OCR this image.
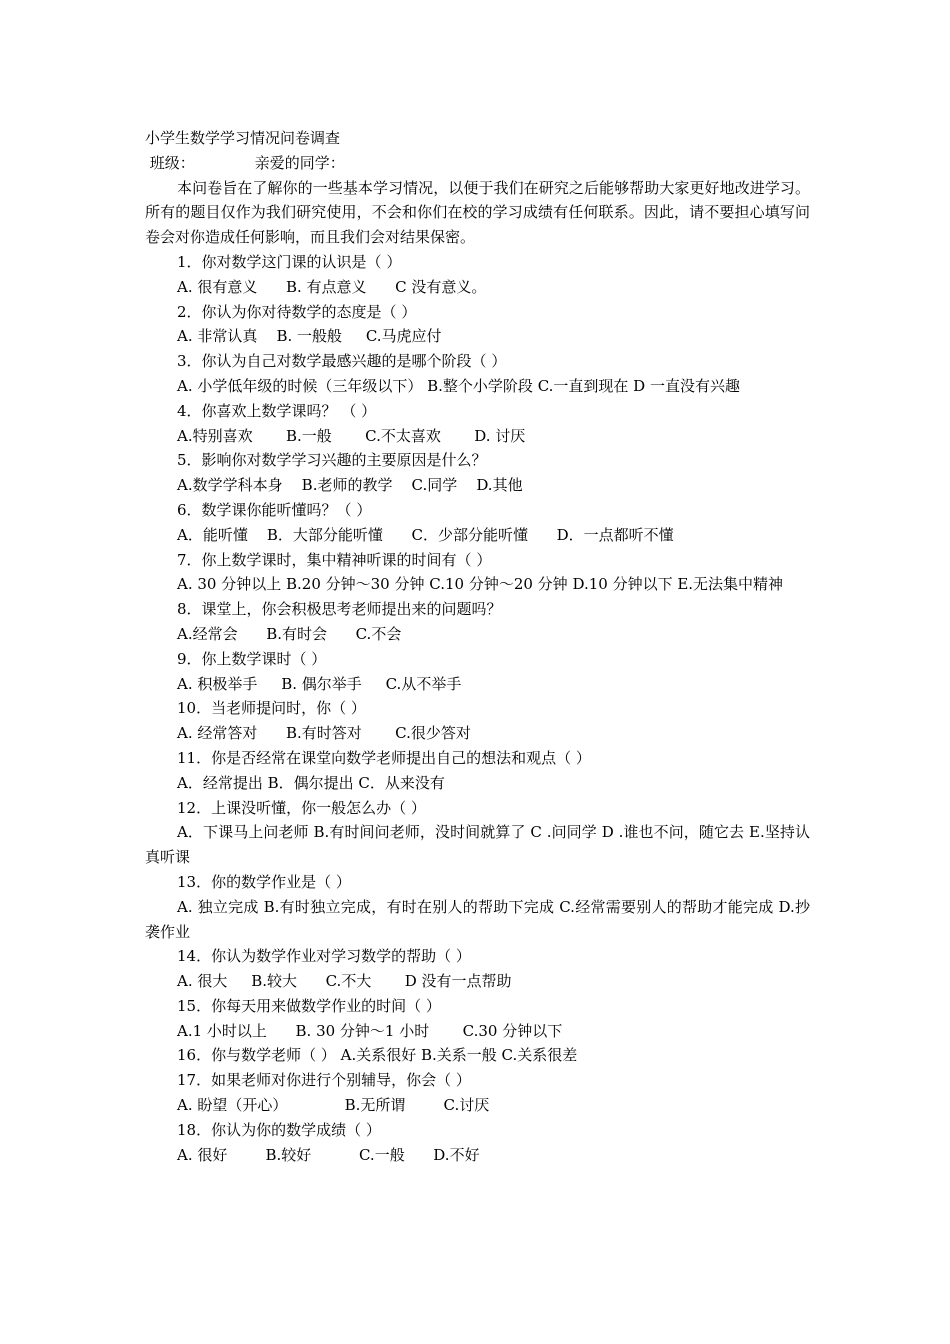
小学生数学学习情况问卷调查
班级：	亲爱的同学：
本问卷旨在了解你的一些基本学习情况，以便于我们在研究之后能够帮助大家更好地改进学习。所有的题目仅作为我们研究使用，不会和你们在校的学习成绩有任何联系。因此，请不要担心填写问卷会对你造成任何影响，而且我们会对结果保密。
1．你对数学这门课的认识是（ ）
A. 很有意义      B. 有点意义      C 没有意义。
2．你认为你对待数学的态度是（ ）
A. 非常认真    B. 一般般     C.马虎应付
3．你认为自己对数学最感兴趣的是哪个阶段（ ）
A. 小学低年级的时候（三年级以下） B.整个小学阶段 C.一直到现在 D 一直没有兴趣
4．你喜欢上数学课吗？ （ ）
A.特别喜欢       B.一般       C.不太喜欢       D. 讨厌
5．影响你对数学学习兴趣的主要原因是什么？
A.数学学科本身    B.老师的教学    C.同学    D.其他
6．数学课你能听懂吗？（ ）
A．能听懂    B．大部分能听懂      C．少部分能听懂      D．一点都听不懂
7．你上数学课时，集中精神听课的时间有（ ）
A. 30 分钟以上 B.20 分钟～30 分钟 C.10 分钟～20 分钟 D.10 分钟以下 E.无法集中精神
8．课堂上，你会积极思考老师提出来的问题吗？
A.经常会      B.有时会      C.不会
9．你上数学课时（ ）
A. 积极举手     B. 偶尔举手     C.从不举手
10．当老师提问时，你（ ）
A. 经常答对      B.有时答对       C.很少答对
11．你是否经常在课堂向数学老师提出自己的想法和观点（ ）
A．经常提出 B．偶尔提出 C．从来没有
12．上课没听懂，你一般怎么办（ ）
A．下课马上问老师 B.有时间问老师，没时间就算了 C .问同学 D .谁也不问，随它去 E.坚持认真听课
13．你的数学作业是（ ）
A. 独立完成 B.有时独立完成，有时在别人的帮助下完成 C.经常需要别人的帮助才能完成 D.抄袭作业
14．你认为数学作业对学习数学的帮助（ ）
A. 很大     B.较大      C.不大       D 没有一点帮助
15．你每天用来做数学作业的时间（ ）
A.1 小时以上      B. 30 分钟～1 小时       C.30 分钟以下
16．你与数学老师（ ） A.关系很好 B.关系一般 C.关系很差
17．如果老师对你进行个别辅导，你会（ ）
A. 盼望（开心）            B.无所谓        C.讨厌
18．你认为你的数学成绩（ ）
A. 很好        B.较好          C.一般      D.不好
